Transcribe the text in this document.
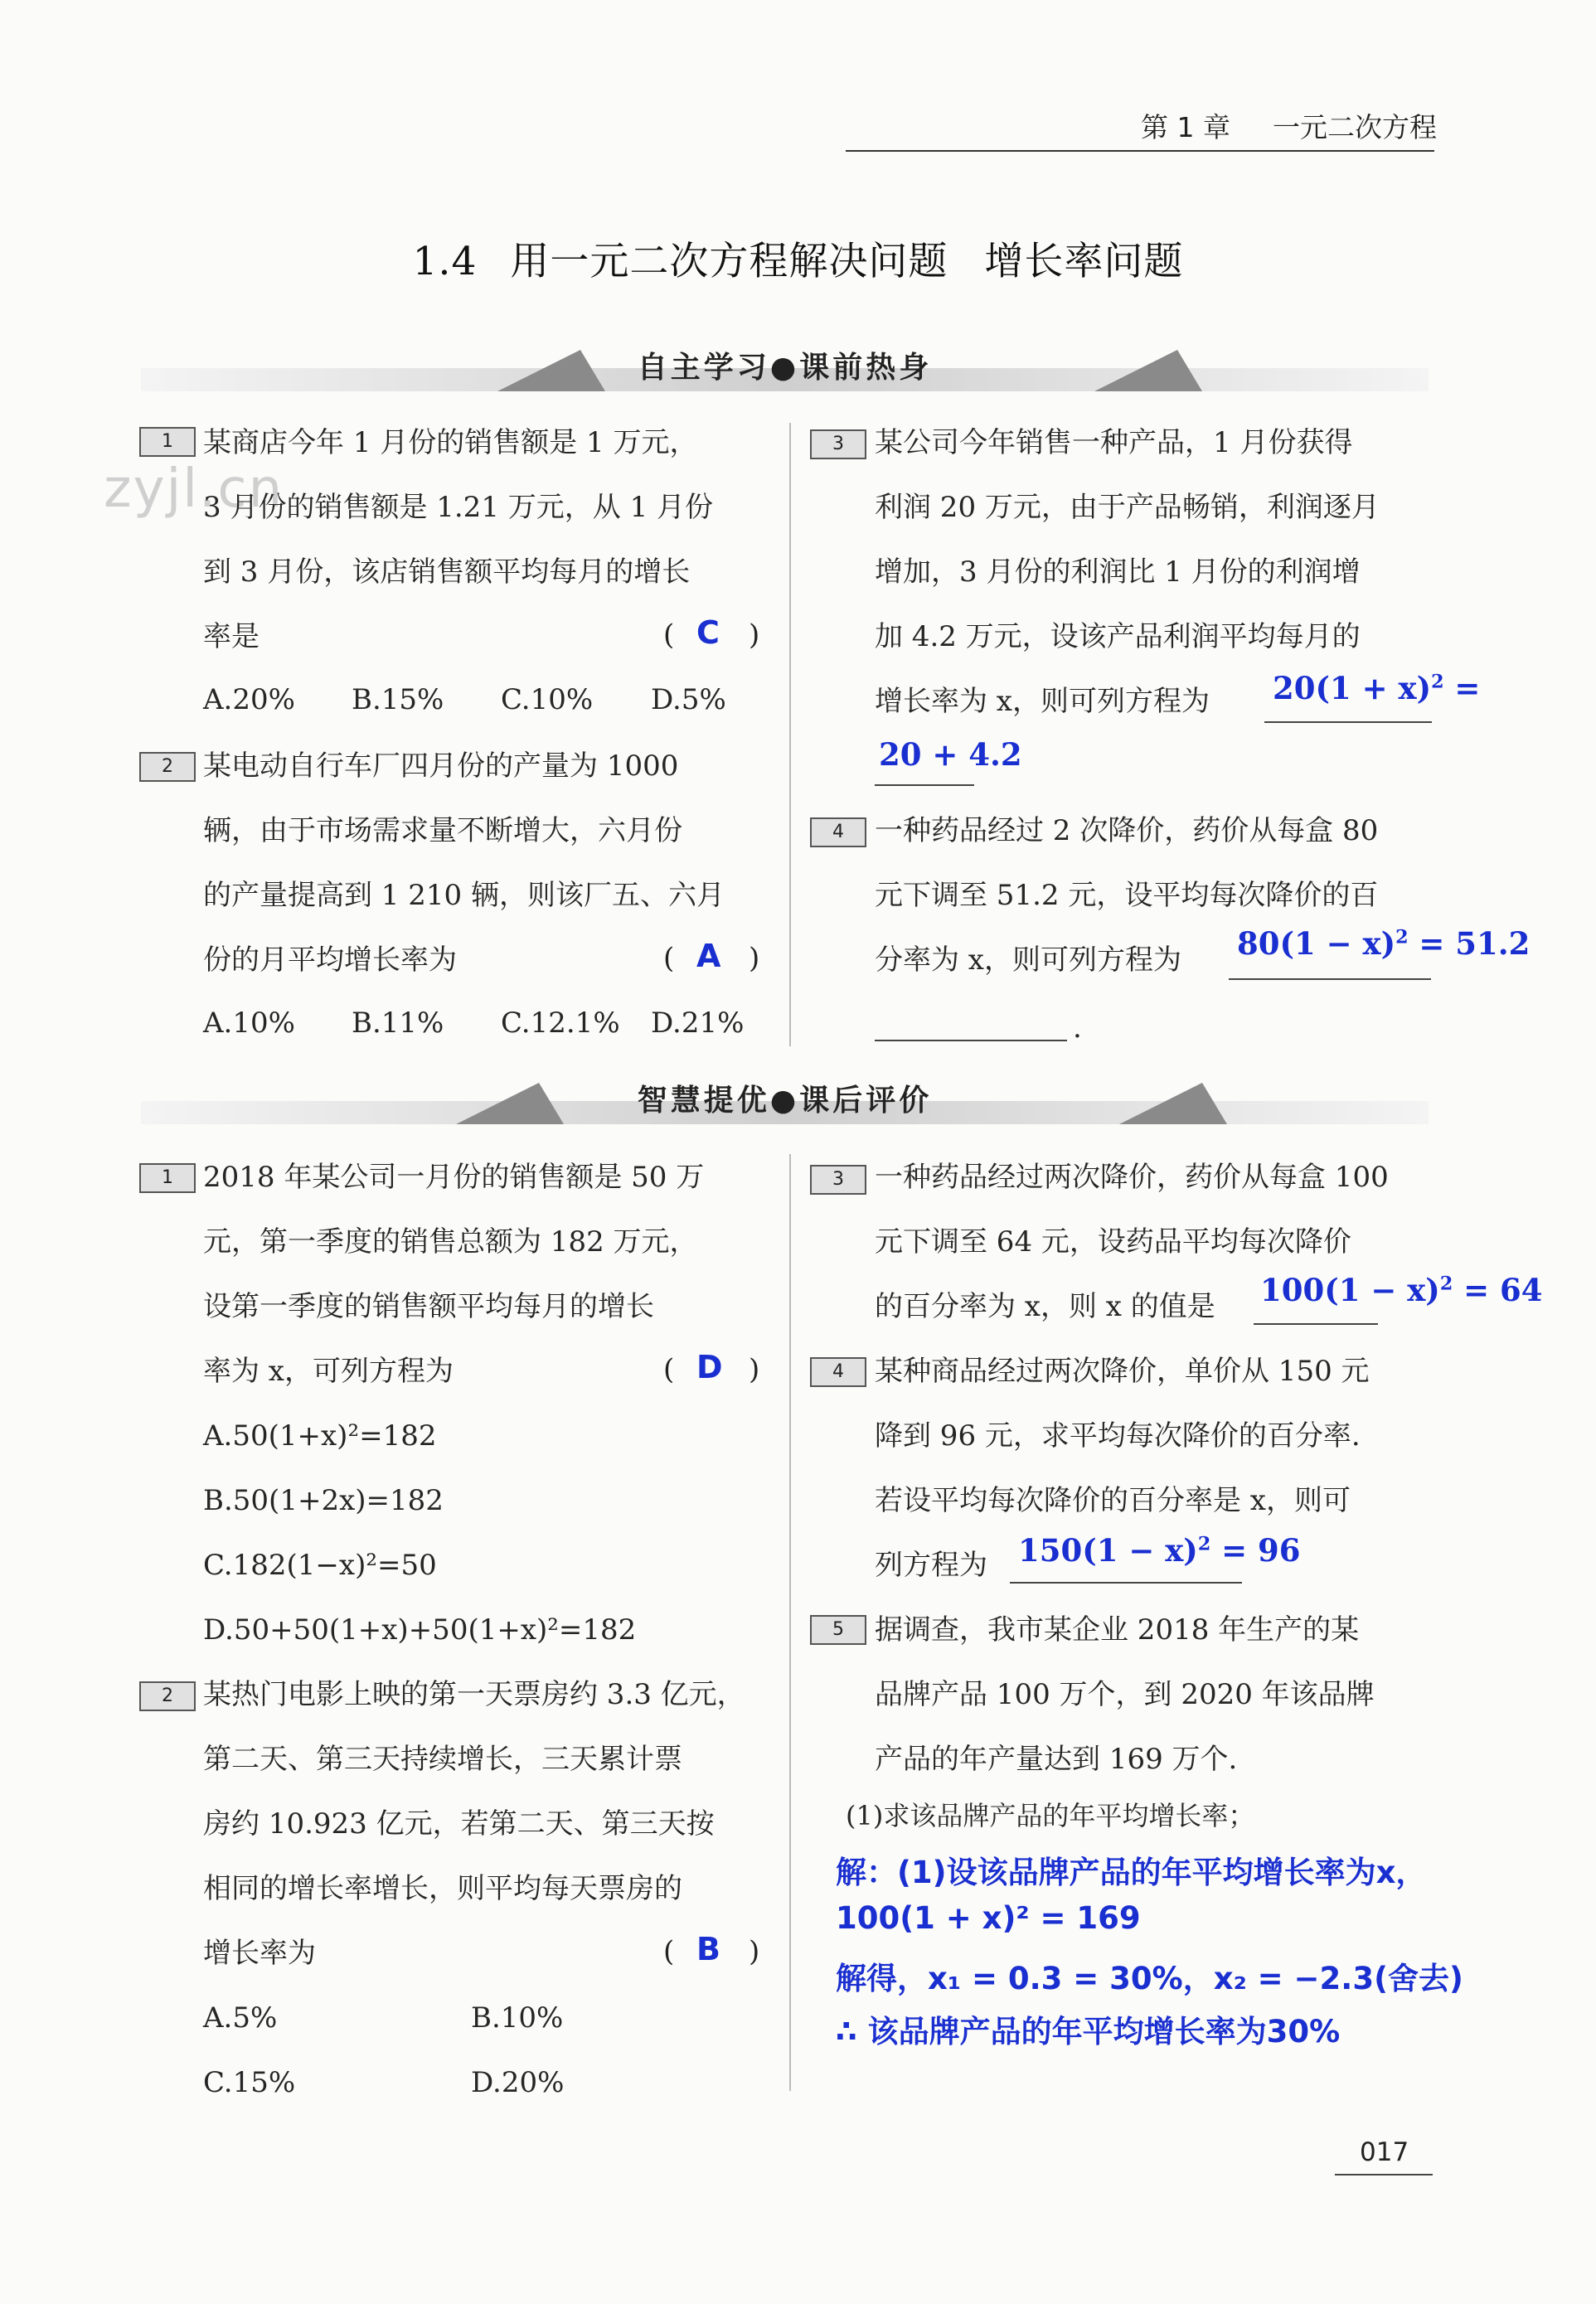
第 1 章 一元二次方程
1.4 用一元二次方程解决问题 增长率问题
zyjl.cn
自主学习●课前热身
1	某商店今年 1 月份的销售额是 1 万元，
3 月份的销售额是 1.21 万元，从 1 月份
到 3 月份，该店销售额平均每月的增长
率是	( C )
A.20% B.15% C.10% D.5%
2	某电动自行车厂四月份的产量为 1000
辆，由于市场需求量不断增大，六月份
的产量提高到 1 210 辆，则该厂五、六月
份的月平均增长率为	( A )
A.10% B.11% C.12.1% D.21%
3	某公司今年销售一种产品，1 月份获得
利润 20 万元，由于产品畅销，利润逐月
增加，3 月份的利润比 1 月份的利润增
加 4.2 万元，设该产品利润平均每月的
增长率为 x，则可列方程为 $20(1 + x)^2$ =
20 + 4.2
4	一种药品经过 2 次降价，药价从每盒 80
元下调至 51.2 元，设平均每次降价的百
分率为 x，则可列方程为 $80(1 - x)^2 = 51.2$
.
智慧提优●课后评价
1	2018 年某公司一月份的销售额是 50 万
元，第一季度的销售总额为 182 万元，
设第一季度的销售额平均每月的增长
率为 x，可列方程为	( D )
A.50(1+x)²=182
B.50(1+2x)=182
C.182(1−x)²=50
D.50+50(1+x)+50(1+x)²=182
2	某热门电影上映的第一天票房约 3.3 亿元，
第二天、第三天持续增长，三天累计票
房约 10.923 亿元，若第二天、第三天按
相同的增长率增长，则平均每天票房的
增长率为	( B )
A.5%	B.10%
C.15%	D.20%
3	一种药品经过两次降价，药价从每盒 100
元下调至 64 元，设药品平均每次降价
的百分率为 x，则 x 的值是 $100(1 - x)^2 = 64$
4	某种商品经过两次降价，单价从 150 元
降到 96 元，求平均每次降价的百分率.
若设平均每次降价的百分率是 x，则可
列方程为 $150(1 - x)^2 = 96$
5	据调查，我市某企业 2018 年生产的某
品牌产品 100 万个，到 2020 年该品牌
产品的年产量达到 169 万个.
(1)求该品牌产品的年平均增长率；
解：(1)设该品牌产品的年平均增长率为x，
100(1 + x)² = 169
解得，x₁ = 0.3 = 30%，x₂ = −2.3(舍去)
∴ 该品牌产品的年平均增长率为30%
017
